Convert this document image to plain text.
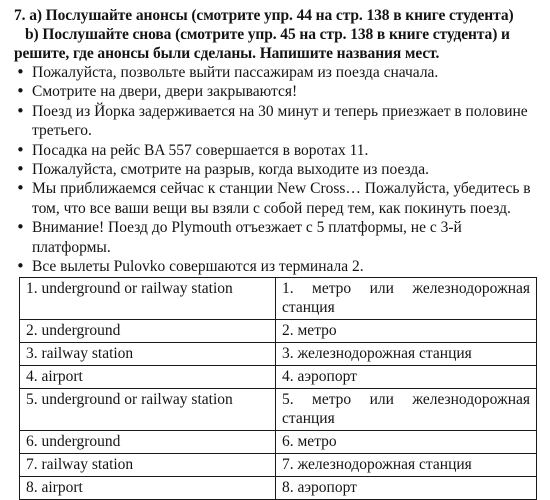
7. a) Послушайте анонсы (смотрите упр. 44 на стр. 138 в книге студента)
b) Послушайте снова (смотрите упр. 45 на стр. 138 в книге студента) и
решите, где анонсы были сделаны. Напишите названия мест.
• Пожалуйста, позвольте выйти пассажирам из поезда сначала.
• Смотрите на двери, двери закрываются!
• Поезд из Йорка задерживается на 30 минут и теперь приезжает в половине третьего.
• Посадка на рейс BA 557 совершается в воротах 11.
• Пожалуйста, смотрите на разрыв, когда выходите из поезда.
• Мы приближаемся сейчас к станции New Cross… Пожалуйста, убедитесь в том, что все ваши вещи вы взяли с собой перед тем, как покинуть поезд.
• Внимание! Поезд до Plymouth отъезжает с 5 платформы, не с 3-й платформы.
• Все вылеты Pulovko совершаются из терминала 2.
1. underground or railway station	1. метро или железнодорожная станция
2. underground	2. метро
3. railway station	3. железнодорожная станция
4. airport	4. аэропорт
5. underground or railway station	5. метро или железнодорожная станция
6. underground	6. метро
7. railway station	7. железнодорожная станция
8. airport	8. аэропорт
